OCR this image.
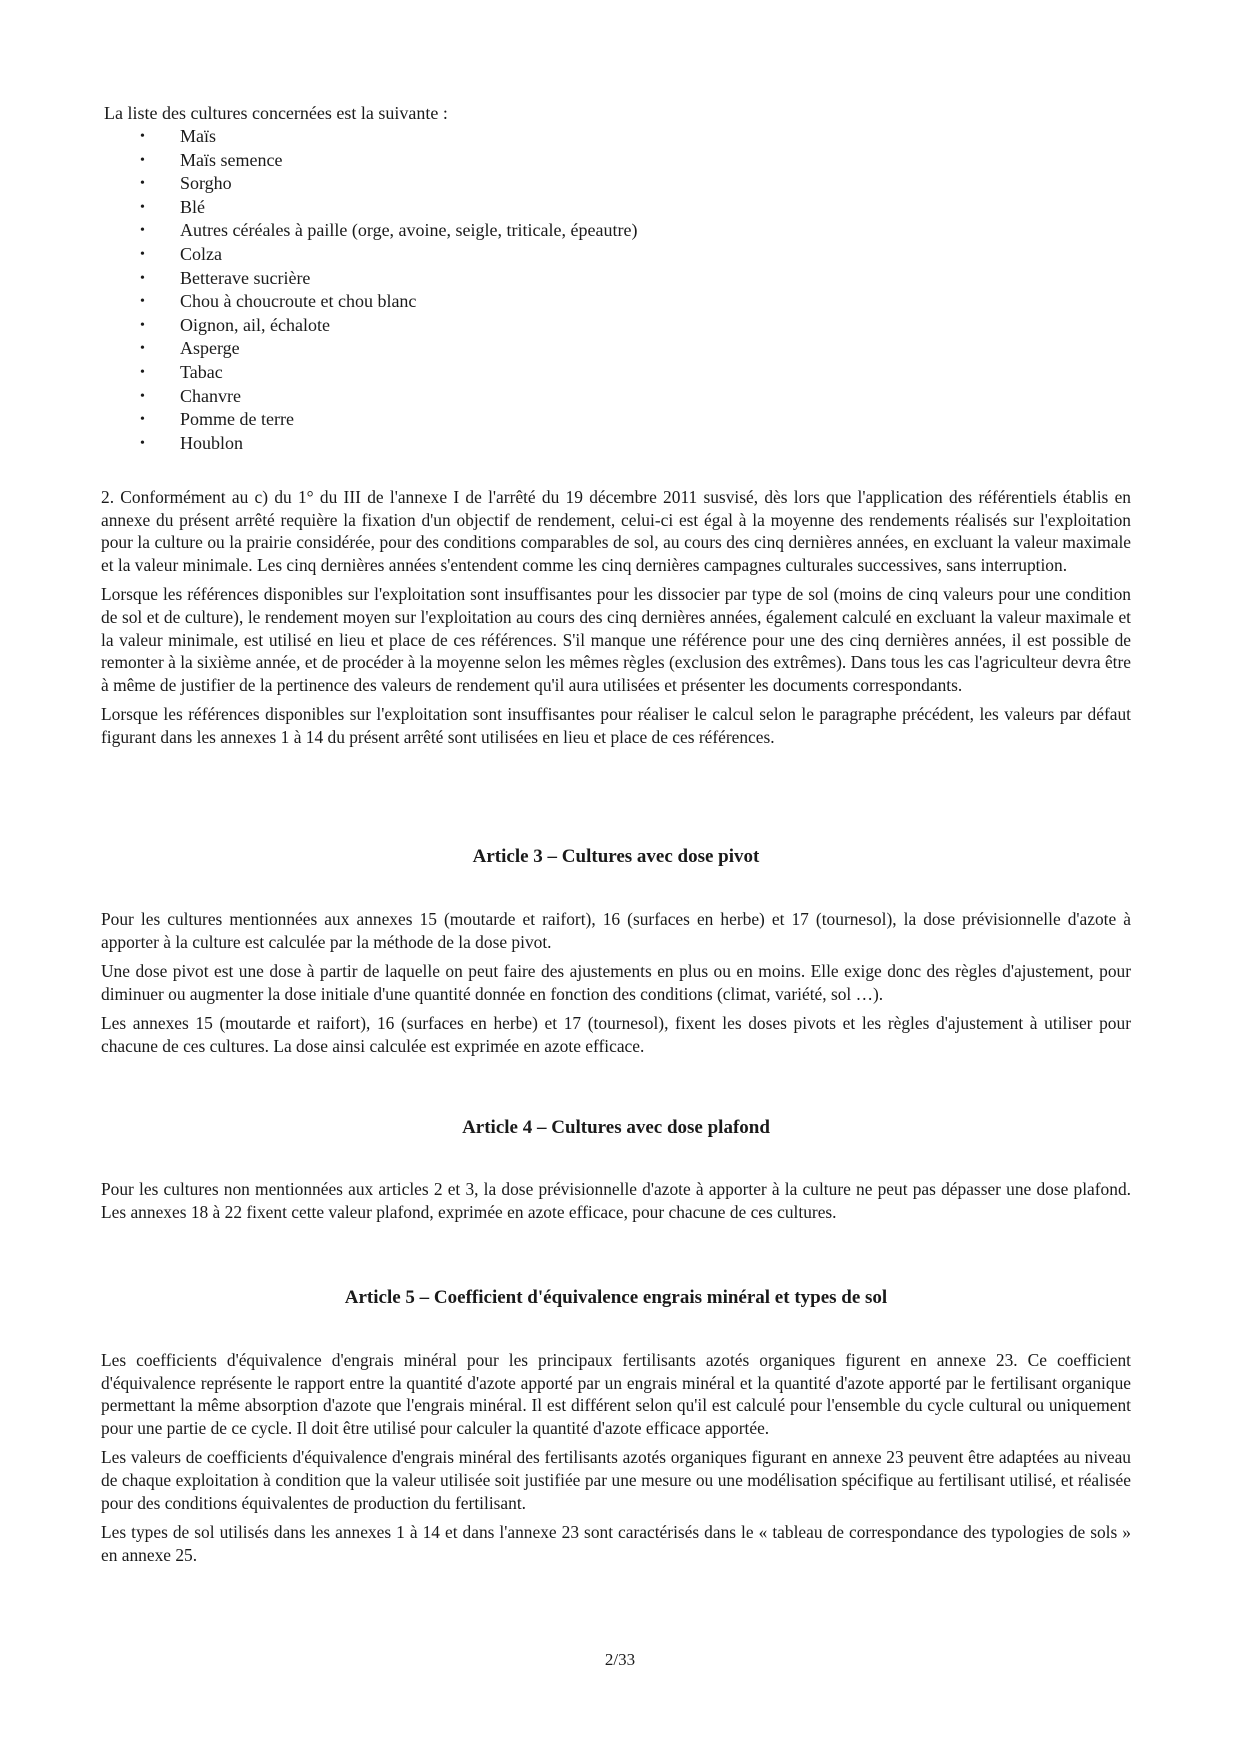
La liste des cultures concernées est la suivante :
• Maïs
• Maïs semence
• Sorgho
• Blé
• Autres céréales à paille (orge, avoine, seigle, triticale, épeautre)
• Colza
• Betterave sucrière
• Chou à choucroute et chou blanc
• Oignon, ail, échalote
• Asperge
• Tabac
• Chanvre
• Pomme de terre
• Houblon

2. Conformément au c) du 1° du III de l'annexe I de l'arrêté du 19 décembre 2011 susvisé, dès lors que l'application des référentiels établis en annexe du présent arrêté requière la fixation d'un objectif de rendement, celui-ci est égal à la moyenne des rendements réalisés sur l'exploitation pour la culture ou la prairie considérée, pour des conditions comparables de sol, au cours des cinq dernières années, en excluant la valeur maximale et la valeur minimale. Les cinq dernières années s'entendent comme les cinq dernières campagnes culturales successives, sans interruption.

Lorsque les références disponibles sur l'exploitation sont insuffisantes pour les dissocier par type de sol (moins de cinq valeurs pour une condition de sol et de culture), le rendement moyen sur l'exploitation au cours des cinq dernières années, également calculé en excluant la valeur maximale et la valeur minimale, est utilisé en lieu et place de ces références. S'il manque une référence pour une des cinq dernières années, il est possible de remonter à la sixième année, et de procéder à la moyenne selon les mêmes règles (exclusion des extrêmes). Dans tous les cas l'agriculteur devra être à même de justifier de la pertinence des valeurs de rendement qu'il aura utilisées et présenter les documents correspondants.

Lorsque les références disponibles sur l'exploitation sont insuffisantes pour réaliser le calcul selon le paragraphe précédent, les valeurs par défaut figurant dans les annexes 1 à 14 du présent arrêté sont utilisées en lieu et place de ces références.

Article 3 – Cultures avec dose pivot

Pour les cultures mentionnées aux annexes 15 (moutarde et raifort), 16 (surfaces en herbe) et 17 (tournesol), la dose prévisionnelle d'azote à apporter à la culture est calculée par la méthode de la dose pivot.

Une dose pivot est une dose à partir de laquelle on peut faire des ajustements en plus ou en moins. Elle exige donc des règles d'ajustement, pour diminuer ou augmenter la dose initiale d'une quantité donnée en fonction des conditions (climat, variété, sol …).

Les annexes 15 (moutarde et raifort), 16 (surfaces en herbe) et 17 (tournesol), fixent les doses pivots et les règles d'ajustement à utiliser pour chacune de ces cultures. La dose ainsi calculée est exprimée en azote efficace.

Article 4 – Cultures avec dose plafond

Pour les cultures non mentionnées aux articles 2 et 3, la dose prévisionnelle d'azote à apporter à la culture ne peut pas dépasser une dose plafond. Les annexes 18 à 22 fixent cette valeur plafond, exprimée en azote efficace, pour chacune de ces cultures.

Article 5 – Coefficient d'équivalence engrais minéral et types de sol

Les coefficients d'équivalence d'engrais minéral pour les principaux fertilisants azotés organiques figurent en annexe 23. Ce coefficient d'équivalence représente le rapport entre la quantité d'azote apporté par un engrais minéral et la quantité d'azote apporté par le fertilisant organique permettant la même absorption d'azote que l'engrais minéral. Il est différent selon qu'il est calculé pour l'ensemble du cycle cultural ou uniquement pour une partie de ce cycle. Il doit être utilisé pour calculer la quantité d'azote efficace apportée.

Les valeurs de coefficients d'équivalence d'engrais minéral des fertilisants azotés organiques figurant en annexe 23 peuvent être adaptées au niveau de chaque exploitation à condition que la valeur utilisée soit justifiée par une mesure ou une modélisation spécifique au fertilisant utilisé, et réalisée pour des conditions équivalentes de production du fertilisant.

Les types de sol utilisés dans les annexes 1 à 14 et dans l'annexe 23 sont caractérisés dans le « tableau de correspondance des typologies de sols » en annexe 25.

2/33
